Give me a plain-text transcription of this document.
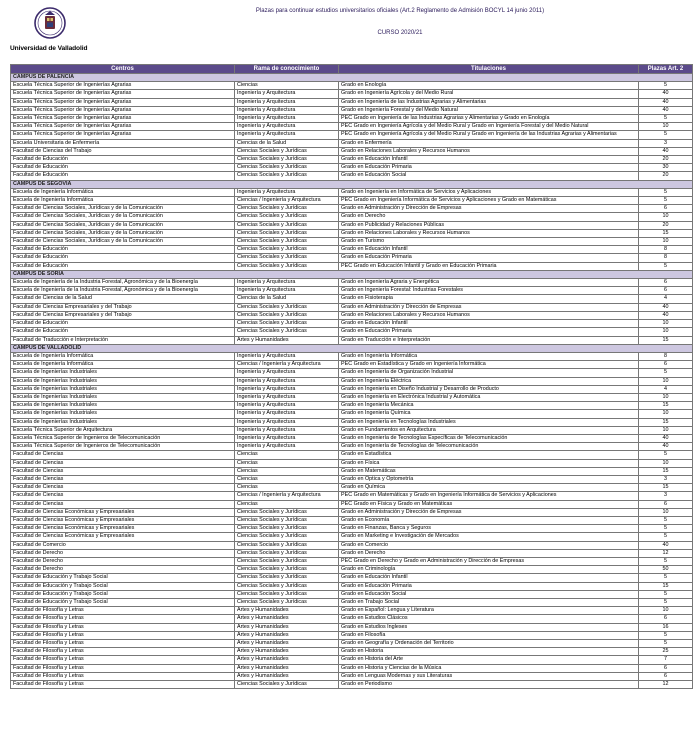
Universidad de Valladolid
Plazas para continuar estudios universitarios oficiales (Art.2 Reglamento de Admisión BOCYL 14 junio 2011)
CURSO 2020/21
Centros	Rama de conocimiento	Titulaciones	Plazas Art. 2
CAMPUS DE PALENCIA			
Escuela Técnica Superior de Ingenierías Agrarias	Ciencias	Grado en Enología	5
Escuela Técnica Superior de Ingenierías Agrarias	Ingeniería y Arquitectura	Grado en Ingeniería Agrícola y del Medio Rural	40
Escuela Técnica Superior de Ingenierías Agrarias	Ingeniería y Arquitectura	Grado en Ingeniería de las Industrias Agrarias y Alimentarias	40
Escuela Técnica Superior de Ingenierías Agrarias	Ingeniería y Arquitectura	Grado en Ingeniería Forestal y del Medio Natural	40
Escuela Técnica Superior de Ingenierías Agrarias	Ingeniería y Arquitectura	PEC Grado en Ingeniería de las Industrias Agrarias y Alimentarias y Grado en Enología	5
Escuela Técnica Superior de Ingenierías Agrarias	Ingeniería y Arquitectura	PEC Grado en Ingeniería Agrícola y del Medio Rural y Grado en Ingeniería Forestal y del Medio Natural	10
Escuela Técnica Superior de Ingenierías Agrarias	Ingeniería y Arquitectura	PEC Grado en Ingeniería Agrícola y del Medio Rural y Grado en Ingeniería de las Industrias Agrarias y Alimentarias	5
Escuela Universitaria de Enfermería	Ciencias de la Salud	Grado en Enfermería	3
Facultad de Ciencias del Trabajo	Ciencias Sociales y Jurídicas	Grado en Relaciones Laborales y Recursos Humanos	40
Facultad de Educación	Ciencias Sociales y Jurídicas	Grado en Educación Infantil	20
Facultad de Educación	Ciencias Sociales y Jurídicas	Grado en Educación Primaria	30
Facultad de Educación	Ciencias Sociales y Jurídicas	Grado en Educación Social	20
CAMPUS DE SEGOVIA			
Escuela de Ingeniería Informática	Ingeniería y Arquitectura	Grado en Ingeniería en Informática de Servicios y Aplicaciones	5
Escuela de Ingeniería Informática	Ciencias / Ingeniería y Arquitectura	PEC Grado en Ingeniería Informática de Servicios y Aplicaciones y Grado en Matemáticas	5
Facultad de Ciencias Sociales, Jurídicas y de la Comunicación	Ciencias Sociales y Jurídicas	Grado en Administración y Dirección de Empresas	6
Facultad de Ciencias Sociales, Jurídicas y de la Comunicación	Ciencias Sociales y Jurídicas	Grado en Derecho	10
Facultad de Ciencias Sociales, Jurídicas y de la Comunicación	Ciencias Sociales y Jurídicas	Grado en Publicidad y Relaciones Públicas	20
Facultad de Ciencias Sociales, Jurídicas y de la Comunicación	Ciencias Sociales y Jurídicas	Grado en Relaciones Laborales y Recursos Humanos	15
Facultad de Ciencias Sociales, Jurídicas y de la Comunicación	Ciencias Sociales y Jurídicas	Grado en Turismo	10
Facultad de Educación	Ciencias Sociales y Jurídicas	Grado en Educación Infantil	8
Facultad de Educación	Ciencias Sociales y Jurídicas	Grado en Educación Primaria	8
Facultad de Educación	Ciencias Sociales y Jurídicas	PEC Grado en Educación Infantil y Grado en Educación Primaria	5
CAMPUS DE SORIA			
Escuela de Ingeniería de la Industria Forestal, Agronómica y de la Bioenergía	Ingeniería y Arquitectura	Grado en Ingeniería Agraria y Energética	6
Escuela de Ingeniería de la Industria Forestal, Agronómica y de la Bioenergía	Ingeniería y Arquitectura	Grado en Ingeniería Forestal: Industrias Forestales	6
Facultad de Ciencias de la Salud	Ciencias de la Salud	Grado en Fisioterapia	4
Facultad de Ciencias Empresariales y del Trabajo	Ciencias Sociales y Jurídicas	Grado en Administración y Dirección de Empresas	40
Facultad de Ciencias Empresariales y del Trabajo	Ciencias Sociales y Jurídicas	Grado en Relaciones Laborales y Recursos Humanos	40
Facultad de Educación	Ciencias Sociales y Jurídicas	Grado en Educación Infantil	10
Facultad de Educación	Ciencias Sociales y Jurídicas	Grado en Educación Primaria	10
Facultad de Traducción e Interpretación	Artes y Humanidades	Grado en Traducción e Interpretación	15
CAMPUS DE VALLADOLID			
Escuela de Ingeniería Informática	Ingeniería y Arquitectura	Grado en Ingeniería Informática	8
Escuela de Ingeniería Informática	Ciencias / Ingeniería y Arquitectura	PEC Grado en Estadística y Grado en Ingeniería Informática	6
Escuela de Ingenierías Industriales	Ingeniería y Arquitectura	Grado en Ingeniería de Organización Industrial	5
Escuela de Ingenierías Industriales	Ingeniería y Arquitectura	Grado en Ingeniería Eléctrica	10
Escuela de Ingenierías Industriales	Ingeniería y Arquitectura	Grado en Ingeniería en Diseño Industrial y Desarrollo de Producto	4
Escuela de Ingenierías Industriales	Ingeniería y Arquitectura	Grado en Ingeniería en Electrónica Industrial y Automática	10
Escuela de Ingenierías Industriales	Ingeniería y Arquitectura	Grado en Ingeniería Mecánica	15
Escuela de Ingenierías Industriales	Ingeniería y Arquitectura	Grado en Ingeniería Química	10
Escuela de Ingenierías Industriales	Ingeniería y Arquitectura	Grado en Ingeniería en Tecnologías Industriales	15
Escuela Técnica Superior de Arquitectura	Ingeniería y Arquitectura	Grado en Fundamentos en Arquitectura	10
Escuela Técnica Superior de Ingenieros de Telecomunicación	Ingeniería y Arquitectura	Grado en Ingeniería de Tecnologías Específicas de Telecomunicación	40
Escuela Técnica Superior de Ingenieros de Telecomunicación	Ingeniería y Arquitectura	Grado en Ingeniería de Tecnologías de Telecomunicación	40
Facultad de Ciencias	Ciencias	Grado en Estadística	5
Facultad de Ciencias	Ciencias	Grado en Física	10
Facultad de Ciencias	Ciencias	Grado en Matemáticas	15
Facultad de Ciencias	Ciencias	Grado en Óptica y Optometría	3
Facultad de Ciencias	Ciencias	Grado en Química	15
Facultad de Ciencias	Ciencias / Ingeniería y Arquitectura	PEC Grado en Matemáticas y Grado en Ingeniería Informática de Servicios y Aplicaciones	3
Facultad de Ciencias	Ciencias	PEC Grado en Física y Grado en Matemáticas	6
Facultad de Ciencias Económicas y Empresariales	Ciencias Sociales y Jurídicas	Grado en Administración y Dirección de Empresas	10
Facultad de Ciencias Económicas y Empresariales	Ciencias Sociales y Jurídicas	Grado en Economía	5
Facultad de Ciencias Económicas y Empresariales	Ciencias Sociales y Jurídicas	Grado en Finanzas, Banca y Seguros	5
Facultad de Ciencias Económicas y Empresariales	Ciencias Sociales y Jurídicas	Grado en Marketing e Investigación de Mercados	5
Facultad de Comercio	Ciencias Sociales y Jurídicas	Grado en Comercio	40
Facultad de Derecho	Ciencias Sociales y Jurídicas	Grado en Derecho	12
Facultad de Derecho	Ciencias Sociales y Jurídicas	PEC Grado en Derecho y Grado en Administración y Dirección de Empresas	5
Facultad de Derecho	Ciencias Sociales y Jurídicas	Grado en Criminología	50
Facultad de Educación y Trabajo Social	Ciencias Sociales y Jurídicas	Grado en Educación Infantil	5
Facultad de Educación y Trabajo Social	Ciencias Sociales y Jurídicas	Grado en Educación Primaria	15
Facultad de Educación y Trabajo Social	Ciencias Sociales y Jurídicas	Grado en Educación Social	5
Facultad de Educación y Trabajo Social	Ciencias Sociales y Jurídicas	Grado en Trabajo Social	5
Facultad de Filosofía y Letras	Artes y Humanidades	Grado en Español: Lengua y Literatura	10
Facultad de Filosofía y Letras	Artes y Humanidades	Grado en Estudios Clásicos	6
Facultad de Filosofía y Letras	Artes y Humanidades	Grado en Estudios Ingleses	16
Facultad de Filosofía y Letras	Artes y Humanidades	Grado en Filosofía	5
Facultad de Filosofía y Letras	Artes y Humanidades	Grado en Geografía y Ordenación del Territorio	5
Facultad de Filosofía y Letras	Artes y Humanidades	Grado en Historia	25
Facultad de Filosofía y Letras	Artes y Humanidades	Grado en Historia del Arte	7
Facultad de Filosofía y Letras	Artes y Humanidades	Grado en Historia y Ciencias de la Música	6
Facultad de Filosofía y Letras	Artes y Humanidades	Grado en Lenguas Modernas y sus Literaturas	6
Facultad de Filosofía y Letras	Ciencias Sociales y Jurídicas	Grado en Periodismo	12
